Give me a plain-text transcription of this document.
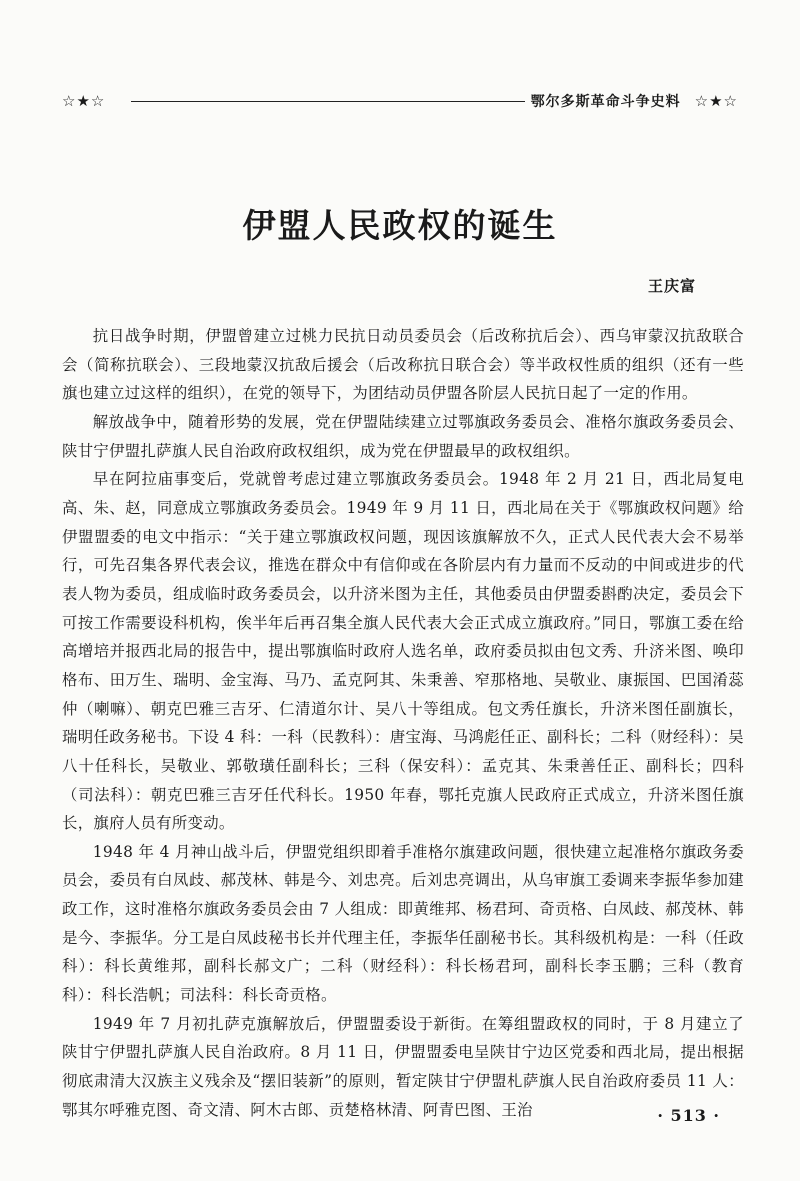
☆★☆	鄂尔多斯革命斗争史料 ☆★☆
伊盟人民政权的诞生
王庆富

抗日战争时期，伊盟曾建立过桃力民抗日动员委员会（后改称抗后会）、西乌审蒙汉抗敌联合会（简称抗联会）、三段地蒙汉抗敌后援会（后改称抗日联合会）等半政权性质的组织（还有一些旗也建立过这样的组织），在党的领导下，为团结动员伊盟各阶层人民抗日起了一定的作用。

解放战争中，随着形势的发展，党在伊盟陆续建立过鄂旗政务委员会、准格尔旗政务委员会、陕甘宁伊盟扎萨旗人民自治政府政权组织，成为党在伊盟最早的政权组织。

早在阿拉庙事变后，党就曾考虑过建立鄂旗政务委员会。1948 年 2 月 21 日，西北局复电高、朱、赵，同意成立鄂旗政务委员会。1949 年 9 月 11 日，西北局在关于《鄂旗政权问题》给伊盟盟委的电文中指示：“关于建立鄂旗政权问题，现因该旗解放不久，正式人民代表大会不易举行，可先召集各界代表会议，推选在群众中有信仰或在各阶层内有力量而不反动的中间或进步的代表人物为委员，组成临时政务委员会，以升济米图为主任，其他委员由伊盟委斟酌决定，委员会下可按工作需要设科机构，俟半年后再召集全旗人民代表大会正式成立旗政府。”同日，鄂旗工委在给高增培并报西北局的报告中，提出鄂旗临时政府人选名单，政府委员拟由包文秀、升济米图、唤印格布、田万生、瑞明、金宝海、马乃、孟克阿其、朱秉善、窄那格地、吴敬业、康振国、巴国淆蕊仲（喇嘛）、朝克巴雅三吉牙、仁清道尔计、吴八十等组成。包文秀任旗长，升济米图任副旗长，瑞明任政务秘书。下设 4 科：一科（民教科）：唐宝海、马鸿彪任正、副科长；二科（财经科）：吴八十任科长，吴敬业、郭敬璜任副科长；三科（保安科）：孟克其、朱秉善任正、副科长；四科（司法科）：朝克巴雅三吉牙任代科长。1950 年春，鄂托克旗人民政府正式成立，升济米图任旗长，旗府人员有所变动。

1948 年 4 月神山战斗后，伊盟党组织即着手准格尔旗建政问题，很快建立起准格尔旗政务委员会，委员有白凤歧、郝茂林、韩是今、刘忠亮。后刘忠亮调出，从乌审旗工委调来李振华参加建政工作，这时准格尔旗政务委员会由 7 人组成：即黄维邦、杨君珂、奇贡格、白凤歧、郝茂林、韩是今、李振华。分工是白凤歧秘书长并代理主任，李振华任副秘书长。其科级机构是：一科（任政科）：科长黄维邦，副科长郝文广；二科（财经科）：科长杨君珂，副科长李玉鹏；三科（教育科）：科长浩帆；司法科：科长奇贡格。

1949 年 7 月初扎萨克旗解放后，伊盟盟委设于新街。在筹组盟政权的同时，于 8 月建立了陕甘宁伊盟扎萨旗人民自治政府。8 月 11 日，伊盟盟委电呈陕甘宁边区党委和西北局，提出根据彻底肃清大汉族主义残余及“摆旧装新”的原则，暂定陕甘宁伊盟札萨旗人民自治政府委员 11 人：鄂其尔呼雅克图、奇文清、阿木古郎、贡楚格林清、阿青巴图、王治	· 513 ·
